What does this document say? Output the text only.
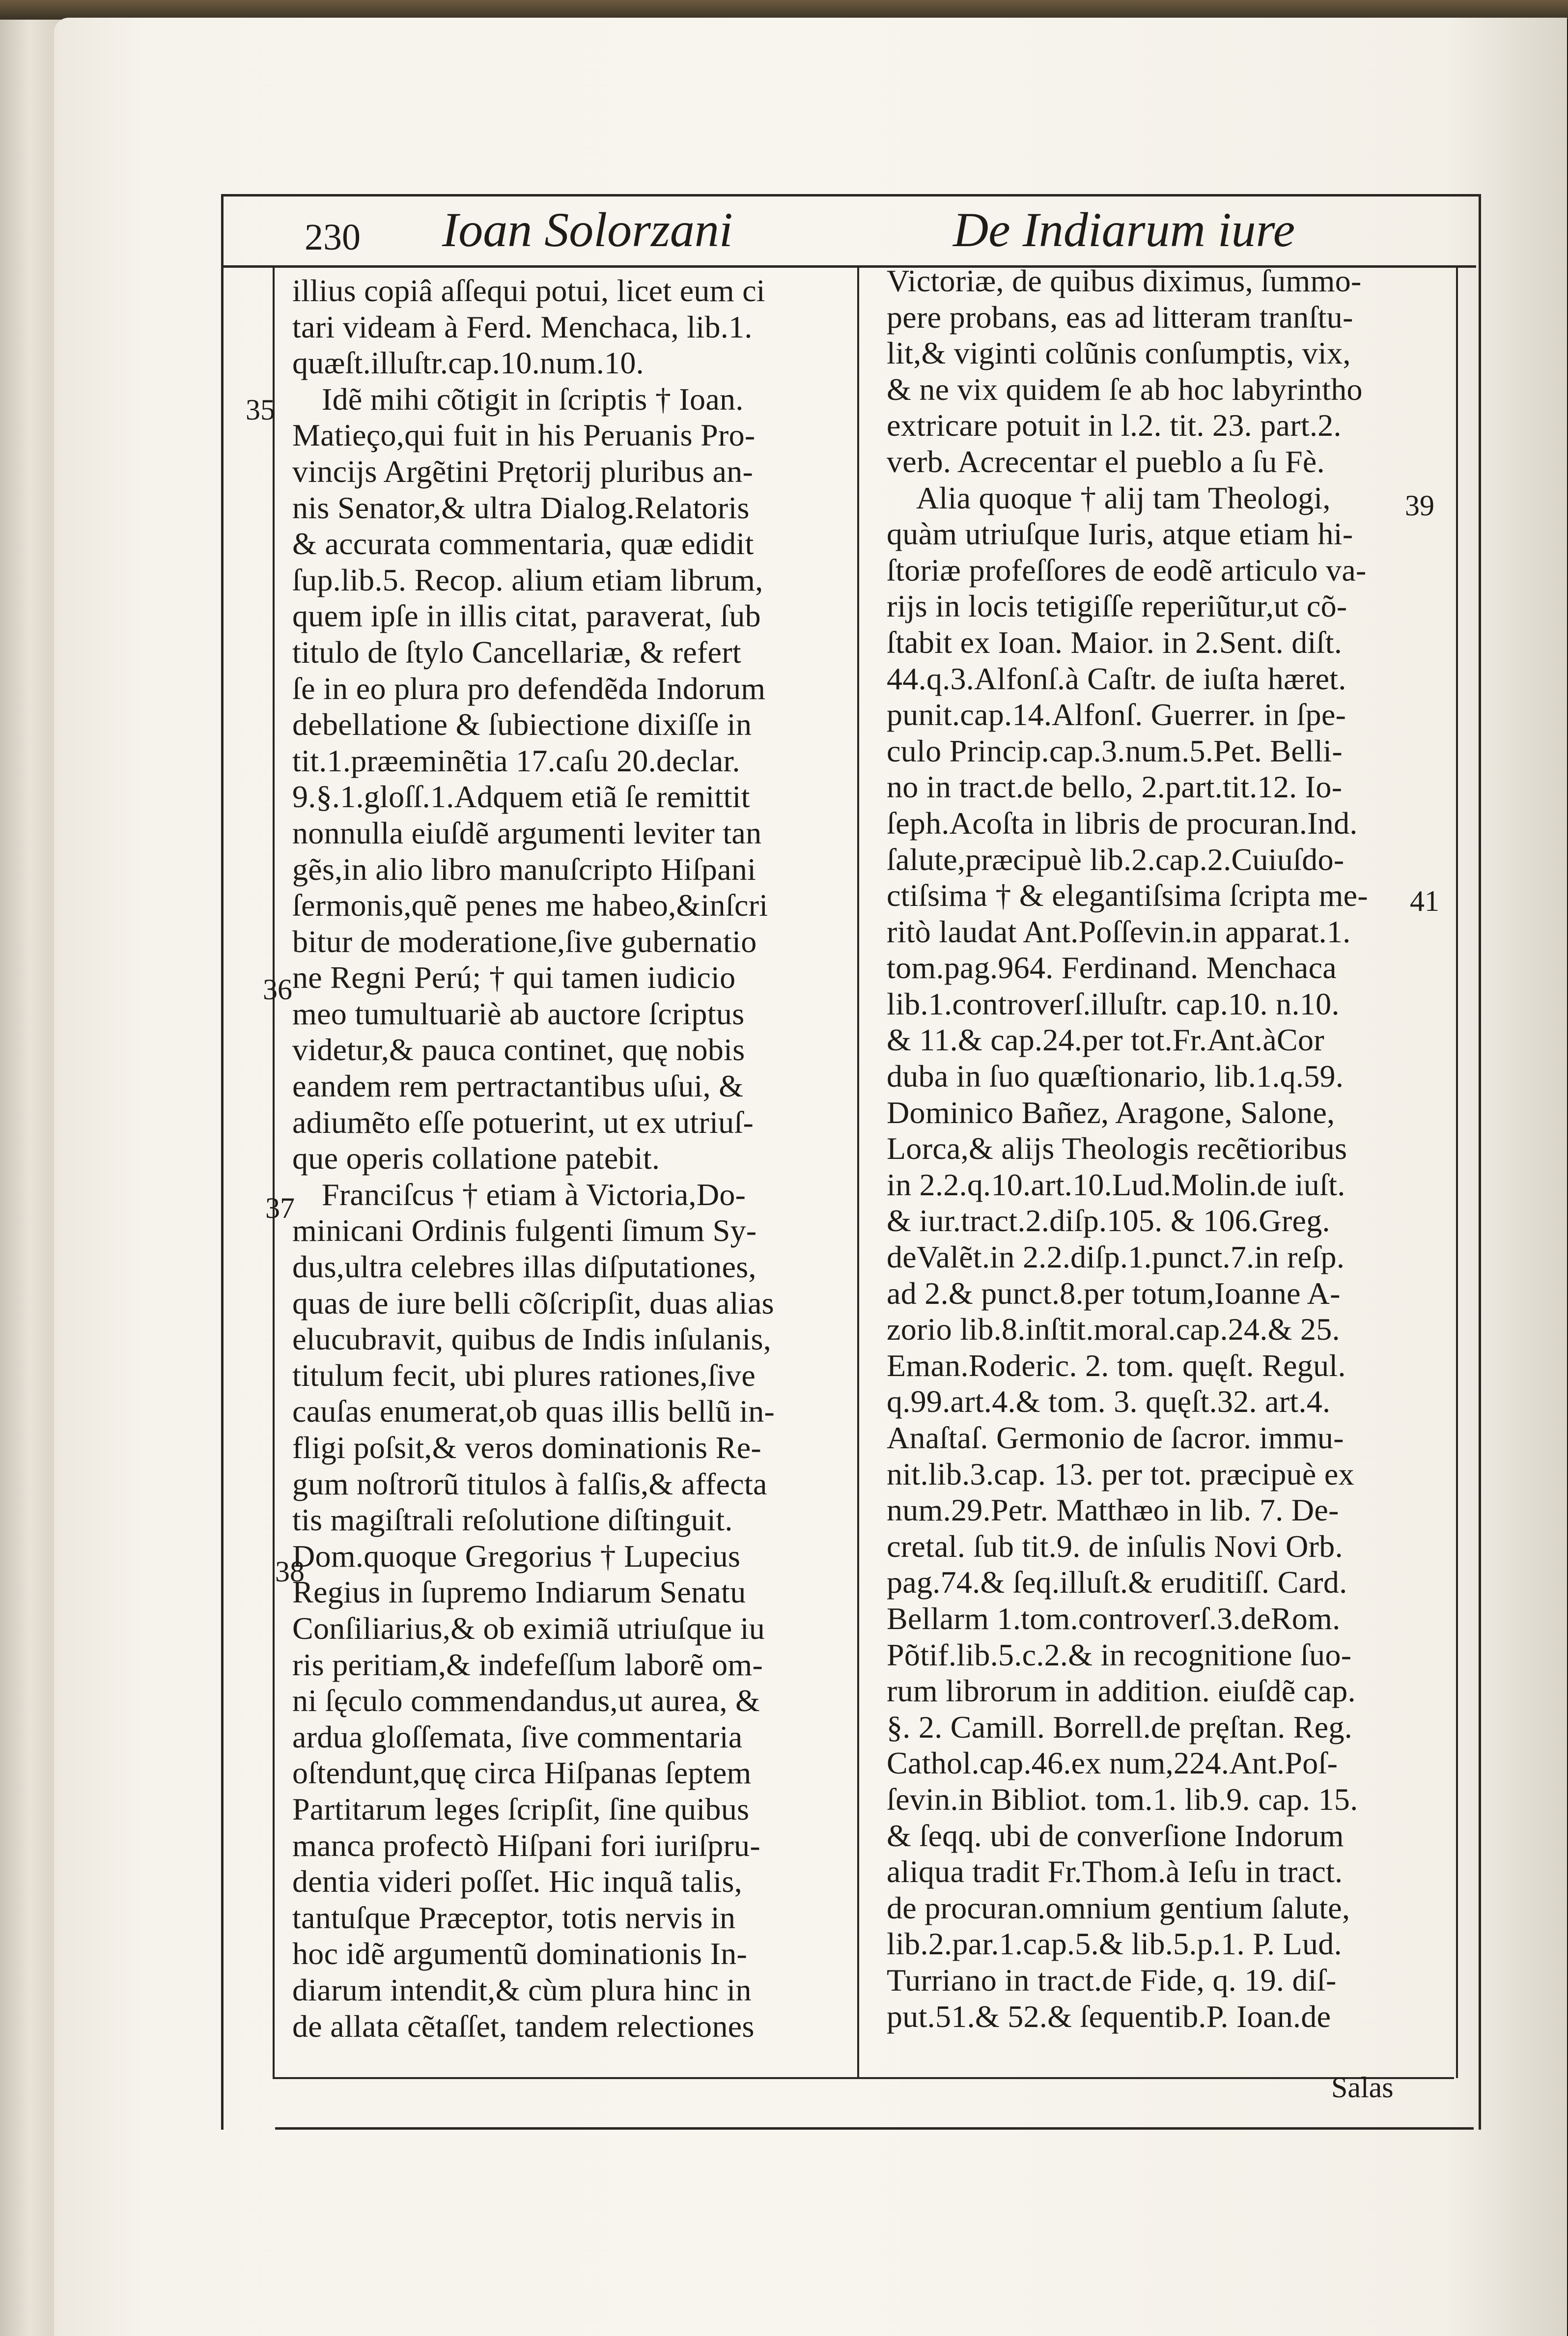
230 Ioan Solorzani	De Indiarum iure
illius copiâ aſſequi potui, licet eum ci
tari videam à Ferd. Menchaca, lib.1.
quæſt.illuſtr.cap.10.num.10.
Idẽ mihi cõtigit in ſcriptis † Ioan.
Matieço,qui fuit in his Peruanis Pro-
vincijs Argẽtini Prętorij pluribus an-
nis Senator,& ultra Dialog.Relatoris
& accurata commentaria, quæ edidit
ſup.lib.5. Recop. alium etiam librum,
quem ipſe in illis citat, paraverat, ſub
titulo de ſtylo Cancellariæ, & refert
ſe in eo plura pro defendẽda Indorum
debellatione & ſubiectione dixiſſe in
tit.1.præeminẽtia 17.caſu 20.declar.
9.§.1.gloſſ.1.Adquem etiã ſe remittit
nonnulla eiuſdẽ argumenti leviter tan
gẽs,in alio libro manuſcripto Hiſpani
ſermonis,quẽ penes me habeo,&inſcri
bitur de moderatione,ſive gubernatio
ne Regni Perú; † qui tamen iudicio
meo tumultuariè ab auctore ſcriptus
videtur,& pauca continet, quę nobis
eandem rem pertractantibus uſui, &
adiumẽto eſſe potuerint, ut ex utriuſ-
que operis collatione patebit.
Franciſcus † etiam à Victoria,Do-
minicani Ordinis fulgenti ſimum Sy-
dus,ultra celebres illas diſputationes,
quas de iure belli cõſcripſit, duas alias
elucubravit, quibus de Indis inſulanis,
titulum fecit, ubi plures rationes,ſive
cauſas enumerat,ob quas illis bellũ in-
fligi poſsit,& veros dominationis Re-
gum noſtrorũ titulos à falſis,& affecta
tis magiſtrali reſolutione diſtinguit.
Dom.quoque Gregorius † Lupecius
Regius in ſupremo Indiarum Senatu
Conſiliarius,& ob eximiã utriuſque iu
ris peritiam,& indefeſſum laborẽ om-
ni ſęculo commendandus,ut aurea, &
ardua gloſſemata, ſive commentaria
oſtendunt,quę circa Hiſpanas ſeptem
Partitarum leges ſcripſit, ſine quibus
manca profectò Hiſpani fori iuriſpru-
dentia videri poſſet. Hic inquã talis,
tantuſque Præceptor, totis nervis in
hoc idẽ argumentũ dominationis In-
diarum intendit,& cùm plura hinc in
de allata cẽtaſſet, tandem relectiones
Victoriæ, de quibus diximus, ſummo-
pere probans, eas ad litteram tranſtu-
lit,& viginti colũnis conſumptis, vix,
& ne vix quidem ſe ab hoc labyrintho
extricare potuit in l.2. tit. 23. part.2.
verb. Acrecentar el pueblo a ſu Fè.
Alia quoque † alij tam Theologi,
quàm utriuſque Iuris, atque etiam hi-
ſtoriæ profeſſores de eodẽ articulo va-
rijs in locis tetigiſſe reperiũtur,ut cõ-
ſtabit ex Ioan. Maior. in 2.Sent. diſt.
44.q.3.Alfonſ.à Caſtr. de iuſta hæret.
punit.cap.14.Alfonſ. Guerrer. in ſpe-
culo Princip.cap.3.num.5.Pet. Belli-
no in tract.de bello, 2.part.tit.12. Io-
ſeph.Acoſta in libris de procuran.Ind.
ſalute,præcipuè lib.2.cap.2.Cuiuſdo-
ctiſsima † & elegantiſsima ſcripta me-
ritò laudat Ant.Poſſevin.in apparat.1.
tom.pag.964. Ferdinand. Menchaca
lib.1.controverſ.illuſtr. cap.10. n.10.
& 11.& cap.24.per tot.Fr.Ant.àCor
duba in ſuo quæſtionario, lib.1.q.59.
Dominico Bañez, Aragone, Salone,
Lorca,& alijs Theologis recẽtioribus
in 2.2.q.10.art.10.Lud.Molin.de iuſt.
& iur.tract.2.diſp.105. & 106.Greg.
deValẽt.in 2.2.diſp.1.punct.7.in reſp.
ad 2.& punct.8.per totum,Ioanne A-
zorio lib.8.inſtit.moral.cap.24.& 25.
Eman.Roderic. 2. tom. quęſt. Regul.
q.99.art.4.& tom. 3. quęſt.32. art.4.
Anaſtaſ. Germonio de ſacror. immu-
nit.lib.3.cap. 13. per tot. præcipuè ex
num.29.Petr. Matthæo in lib. 7. De-
cretal. ſub tit.9. de inſulis Novi Orb.
pag.74.& ſeq.illuſt.& eruditiſſ. Card.
Bellarm 1.tom.controverſ.3.deRom.
Põtif.lib.5.c.2.& in recognitione ſuo-
rum librorum in addition. eiuſdẽ cap.
§. 2. Camill. Borrell.de pręſtan. Reg.
Cathol.cap.46.ex num,224.Ant.Poſ-
ſevin.in Bibliot. tom.1. lib.9. cap. 15.
& ſeqq. ubi de converſione Indorum
aliqua tradit Fr.Thom.à Ieſu in tract.
de procuran.omnium gentium ſalute,
lib.2.par.1.cap.5.& lib.5.p.1. P. Lud.
Turriano in tract.de Fide, q. 19. diſ-
put.51.& 52.& ſequentib.P. Ioan.de
35
36
37
38
39
41
Salas
